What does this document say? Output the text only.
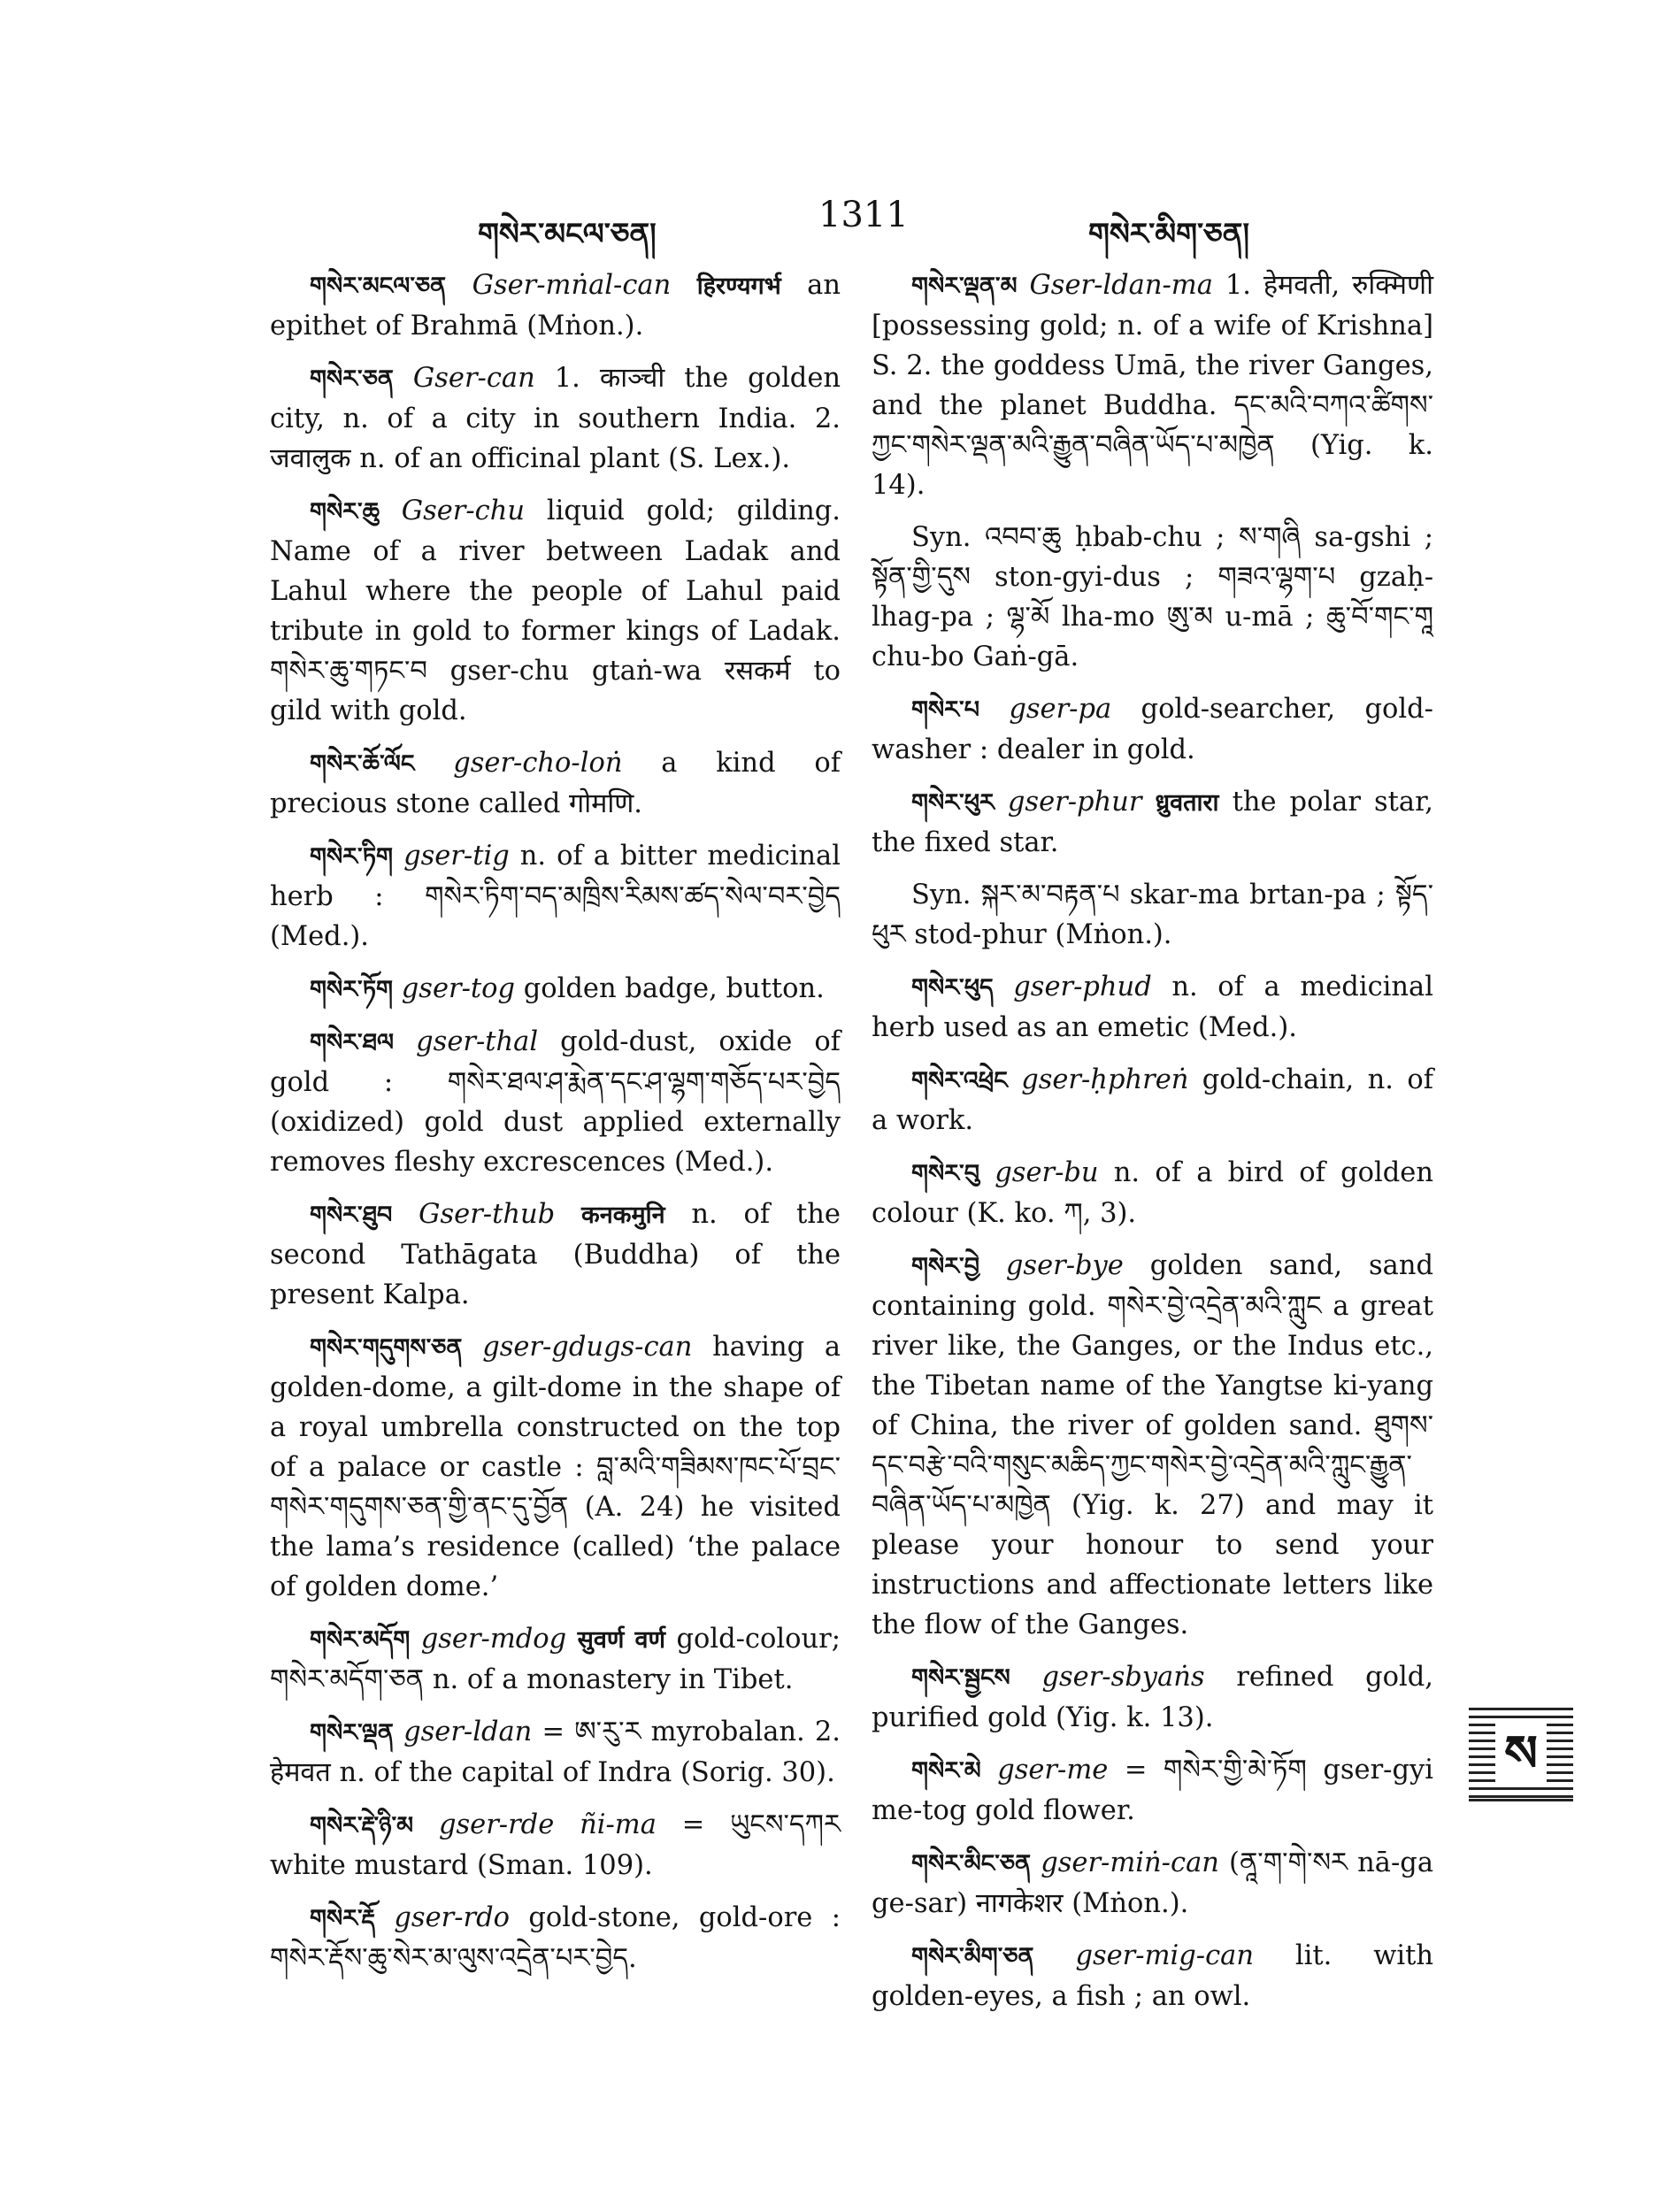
གསེར་མངལ་ཅན།	1311	གསེར་མིག་ཅན།

གསེར་མངལ་ཅན Gser-mṅal-can हिरण्यगर्भ an epithet of Brahmā (Mṅon.).

གསེར་ཅན Gser-can 1. काञ्ची the golden city, n. of a city in southern India. 2. जवालुक n. of an officinal plant (S. Lex.).

གསེར་ཆུ Gser-chu liquid gold; gilding. Name of a river between Ladak and Lahul where the people of Lahul paid tribute in gold to former kings of Ladak. གསེར་ཆུ་གཏང་བ gser-chu gtaṅ-wa रसकर्म to gild with gold.

གསེར་ཆོ་ལོང gser-cho-loṅ a kind of precious stone called गोमणि.

གསེར་ཏིག gser-tig n. of a bitter medicinal herb : གསེར་ཏིག་བད་མཁྲིས་རིམས་ཚད་སེལ་བར་བྱེད (Med.).

གསེར་ཏོག gser-tog golden badge, button.

གསེར་ཐལ gser-thal gold-dust, oxide of gold : གསེར་ཐལ་ཤ་རྨེན་དང་ཤ་ལྷག་གཅོད་པར་བྱེད (oxidized) gold dust applied externally removes fleshy excrescences (Med.).

གསེར་ཐུབ Gser-thub कनकमुनि n. of the second Tathāgata (Buddha) of the present Kalpa.

གསེར་གདུགས་ཅན gser-gdugs-can having a golden-dome, a gilt-dome in the shape of a royal umbrella constructed on the top of a palace or castle : བླ་མའི་གཟིམས་ཁང་པོ་བྲང་གསེར་གདུགས་ཅན་གྱི་ནང་དུ་བྱོན (A. 24) he visited the lama’s residence (called) ‘the palace of golden dome.’

གསེར་མདོག gser-mdog सुवर्ण वर्ण gold-colour; གསེར་མདོག་ཅན n. of a monastery in Tibet.

གསེར་ལྡན gser-ldan = ཨ་རུ་ར myrobalan. 2. हेमवत n. of the capital of Indra (Sorig. 30).

གསེར་རྡེ་ཉི་མ gser-rde ñi-ma = ཡུངས་དཀར white mustard (Sman. 109).

གསེར་རྡོ gser-rdo gold-stone, gold-ore : གསེར་རྡོས་ཆུ་སེར་མ་ལུས་འདྲེན་པར་བྱེད.

གསེར་ལྡན་མ Gser-ldan-ma 1. हेमवती, रुक्मिणी [possessing gold; n. of a wife of Krishna] S. 2. the goddess Umā, the river Ganges, and the planet Buddha. དང་མའི་བཀའ་ཚིགས་ཀྱང་གསེར་ལྡན་མའི་རྒྱུན་བཞིན་ཡོད་པ་མཁྱེན (Yig. k. 14).

Syn. འབབ་ཆུ ḥbab-chu ; ས་གཞི sa-gshi ; སྟོན་གྱི་དུས ston-gyi-dus ; གཟའ་ལྷག་པ gzaḥ-lhag-pa ; ལྷ་མོ lha-mo ཨུ་མ u-mā ; ཆུ་བོ་གང་གཱ chu-bo Gaṅ-gā.

གསེར་པ gser-pa gold-searcher, gold-washer : dealer in gold.

གསེར་ཕུར gser-phur ध्रुवतारा the polar star, the fixed star.

Syn. སྐར་མ་བརྟན་པ skar-ma brtan-pa ; སྟོད་ཕུར stod-phur (Mṅon.).

གསེར་ཕུད gser-phud n. of a medicinal herb used as an emetic (Med.).

གསེར་འཕྲེང gser-ḥphreṅ gold-chain, n. of a work.

གསེར་བུ gser-bu n. of a bird of golden colour (K. ko. ཀ, 3).

གསེར་བྱེ gser-bye golden sand, sand containing gold. གསེར་བྱེ་འདྲེན་མའི་ཀླུང a great river like, the Ganges, or the Indus etc., the Tibetan name of the Yangtse ki-yang of China, the river of golden sand. ཐུགས་དང་བརྩེ་བའི་གསུང་མཆིད་ཀྱང་གསེར་བྱེ་འདྲེན་མའི་ཀླུང་རྒྱུན་བཞིན་ཡོད་པ་མཁྱེན (Yig. k. 27) and may it please your honour to send your instructions and affectionate letters like the flow of the Ganges.

གསེར་སྦྱངས gser-sbyaṅs refined gold, purified gold (Yig. k. 13).

གསེར་མེ gser-me = གསེར་གྱི་མེ་ཏོག gser-gyi me-tog gold flower.

གསེར་མིང་ཅན gser-miṅ-can (ནཱ་ག་གེ་སར nā-ga ge-sar) नागकेशर (Mṅon.).

གསེར་མིག་ཅན gser-mig-can lit. with golden-eyes, a fish ; an owl.

ས
